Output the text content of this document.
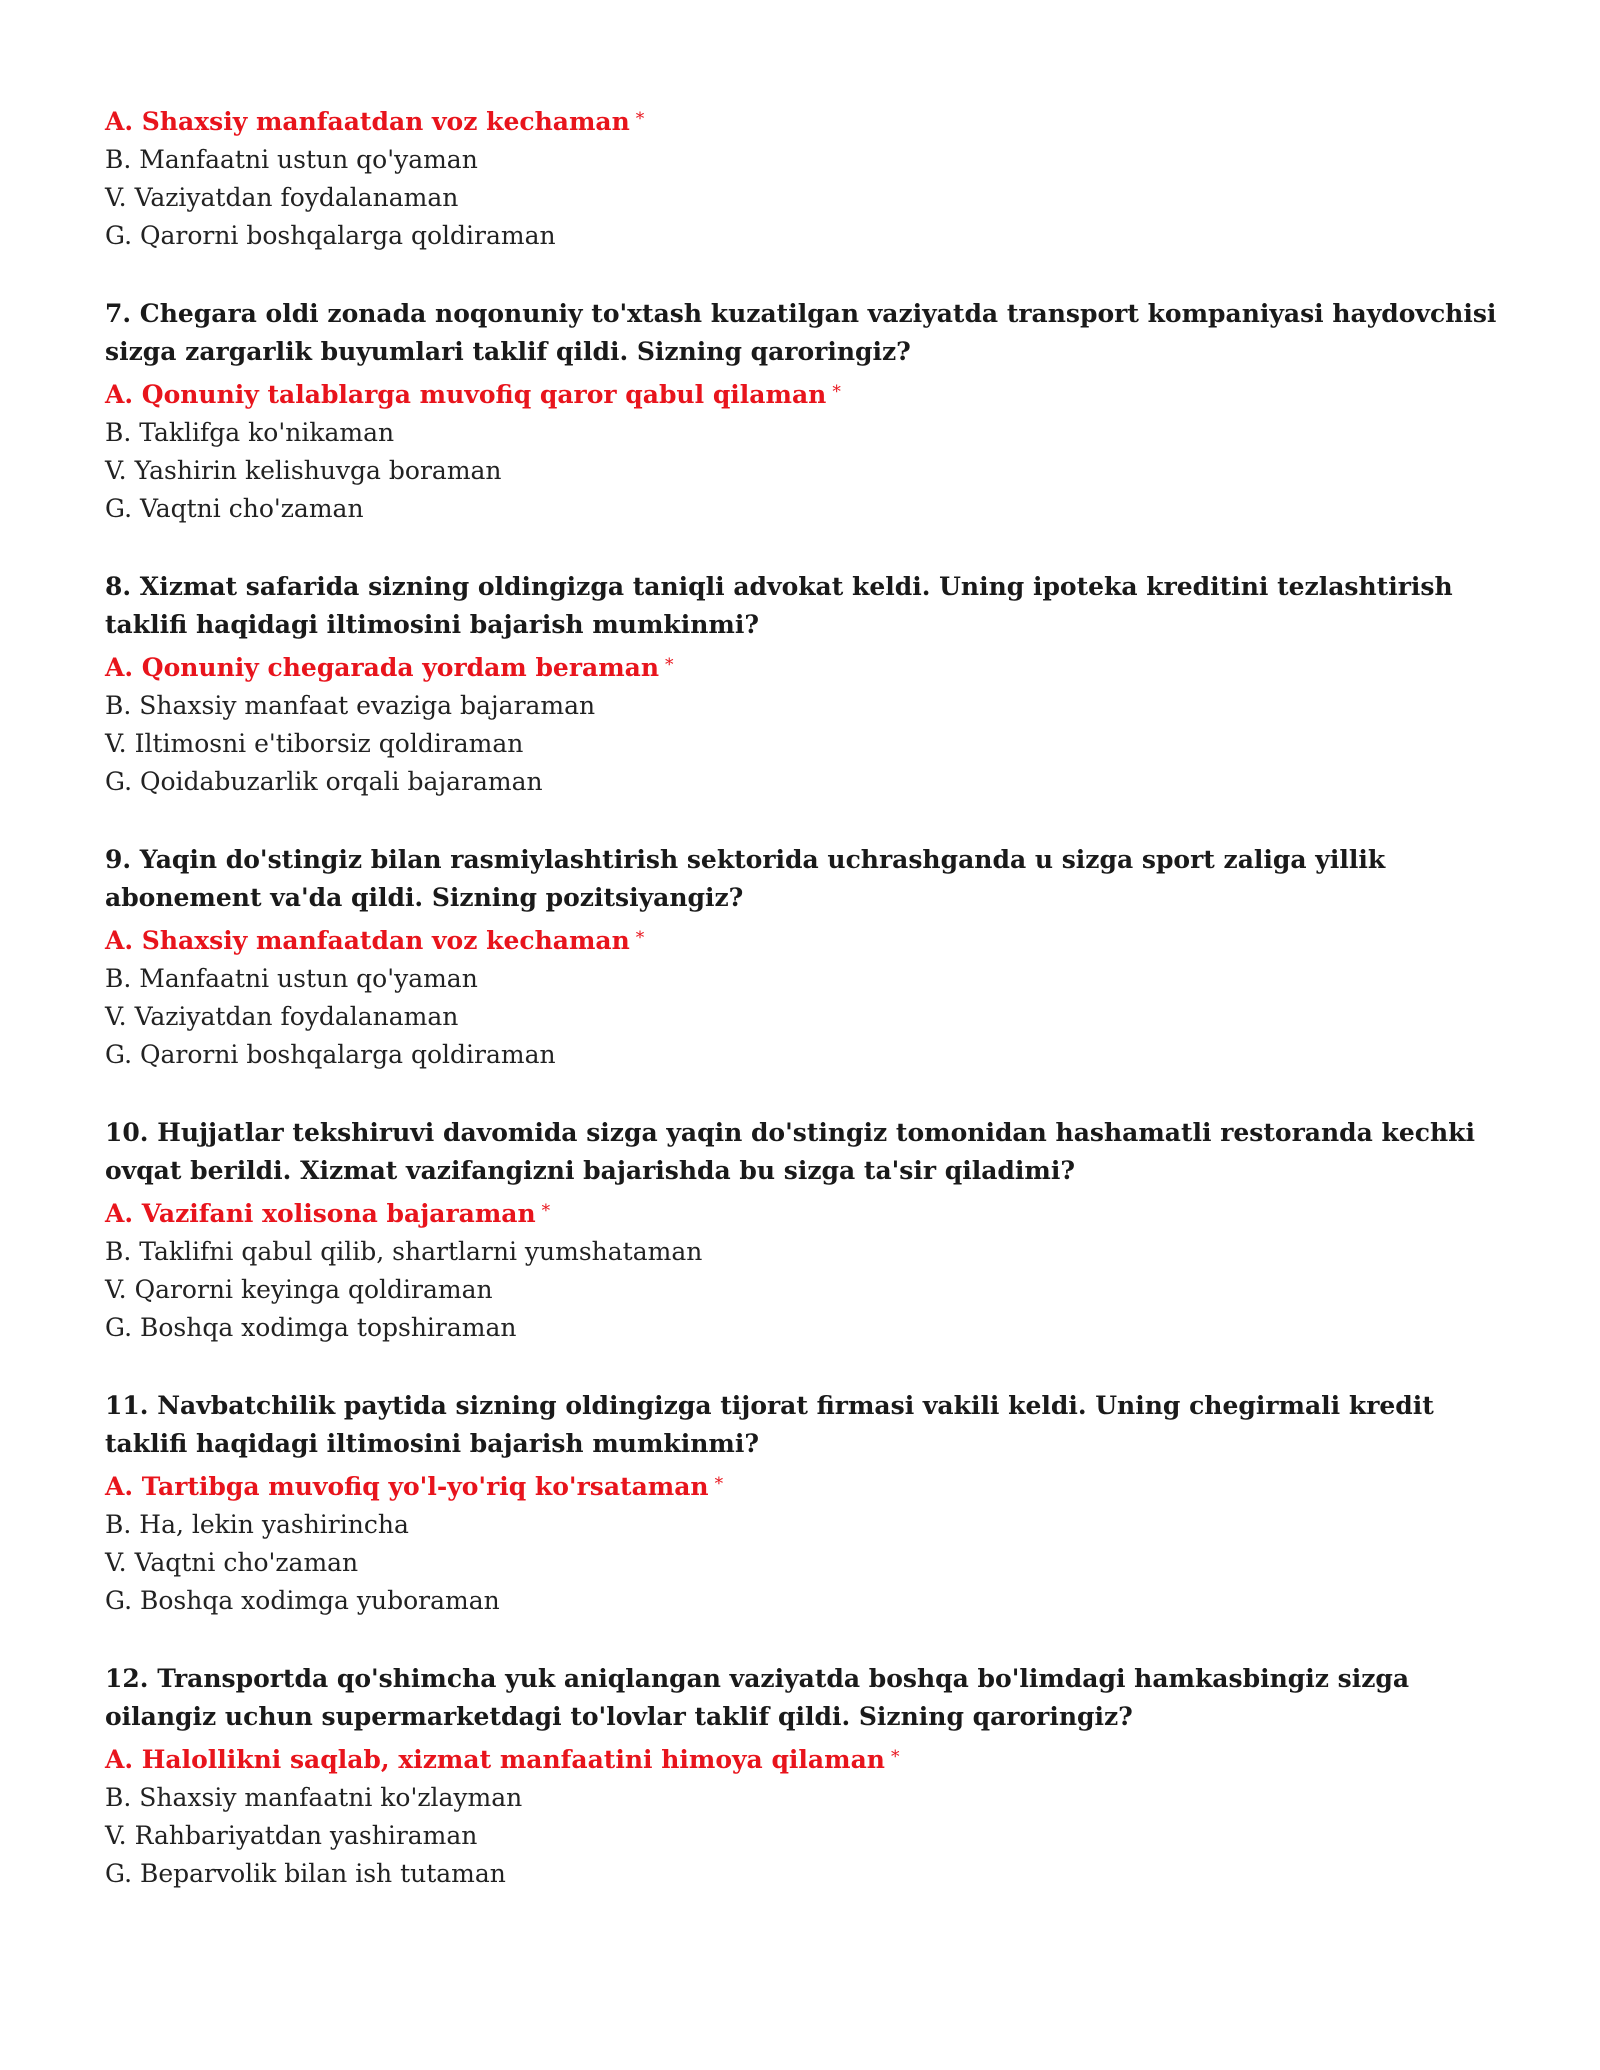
A. Shaxsiy manfaatdan voz kechaman *
B. Manfaatni ustun qo'yaman
V. Vaziyatdan foydalanaman
G. Qarorni boshqalarga qoldiraman
7. Chegara oldi zonada noqonuniy to'xtash kuzatilgan vaziyatda transport kompaniyasi haydovchisi sizga zargarlik buyumlari taklif qildi. Sizning qaroringiz?
A. Qonuniy talablarga muvofiq qaror qabul qilaman *
B. Taklifga ko'nikaman
V. Yashirin kelishuvga boraman
G. Vaqtni cho'zaman
8. Xizmat safarida sizning oldingizga taniqli advokat keldi. Uning ipoteka kreditini tezlashtirish taklifi haqidagi iltimosini bajarish mumkinmi?
A. Qonuniy chegarada yordam beraman *
B. Shaxsiy manfaat evaziga bajaraman
V. Iltimosni e'tiborsiz qoldiraman
G. Qoidabuzarlik orqali bajaraman
9. Yaqin do'stingiz bilan rasmiylashtirish sektorida uchrashganda u sizga sport zaliga yillik abonement va'da qildi. Sizning pozitsiyangiz?
A. Shaxsiy manfaatdan voz kechaman *
B. Manfaatni ustun qo'yaman
V. Vaziyatdan foydalanaman
G. Qarorni boshqalarga qoldiraman
10. Hujjatlar tekshiruvi davomida sizga yaqin do'stingiz tomonidan hashamatli restoranda kechki ovqat berildi. Xizmat vazifangizni bajarishda bu sizga ta'sir qiladimi?
A. Vazifani xolisona bajaraman *
B. Taklifni qabul qilib, shartlarni yumshataman
V. Qarorni keyinga qoldiraman
G. Boshqa xodimga topshiraman
11. Navbatchilik paytida sizning oldingizga tijorat firmasi vakili keldi. Uning chegirmali kredit taklifi haqidagi iltimosini bajarish mumkinmi?
A. Tartibga muvofiq yo'l-yo'riq ko'rsataman *
B. Ha, lekin yashirincha
V. Vaqtni cho'zaman
G. Boshqa xodimga yuboraman
12. Transportda qo'shimcha yuk aniqlangan vaziyatda boshqa bo'limdagi hamkasbingiz sizga oilangiz uchun supermarketdagi to'lovlar taklif qildi. Sizning qaroringiz?
A. Halollikni saqlab, xizmat manfaatini himoya qilaman *
B. Shaxsiy manfaatni ko'zlayman
V. Rahbariyatdan yashiraman
G. Beparvolik bilan ish tutaman
